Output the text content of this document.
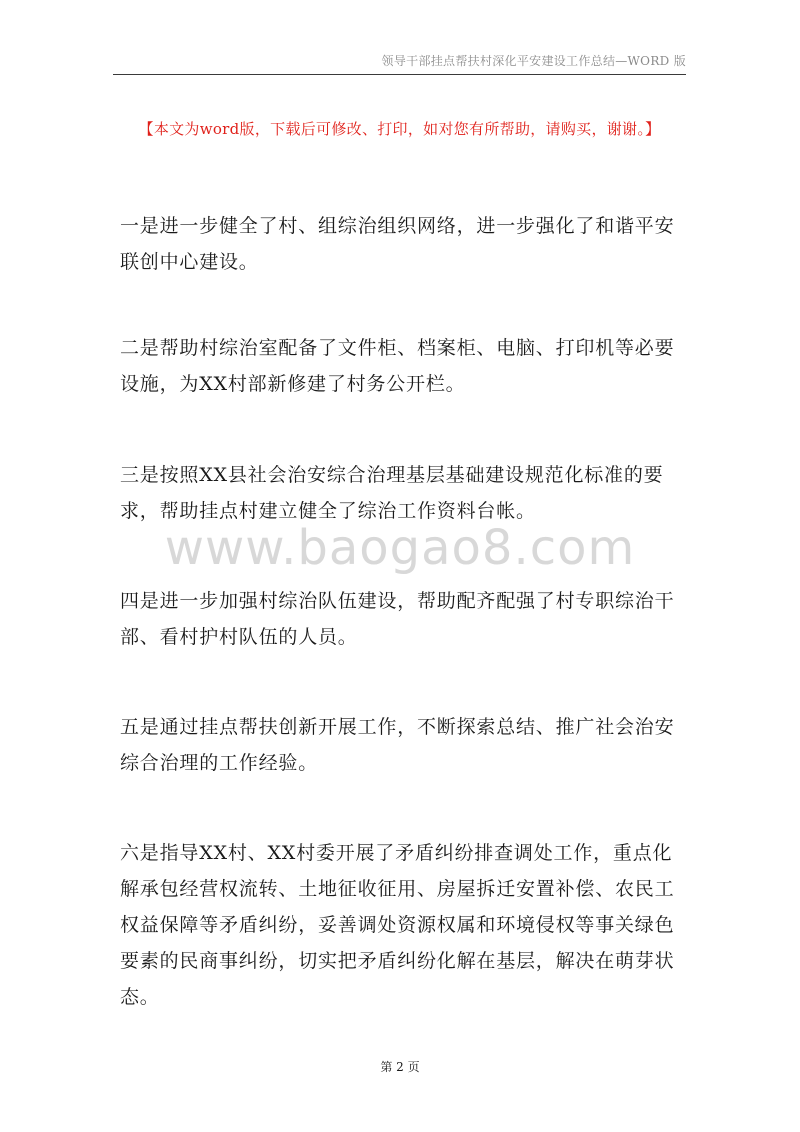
领导干部挂点帮扶村深化平安建设工作总结—WORD 版
【本文为word版，下载后可修改、打印，如对您有所帮助，请购买，谢谢。】

一是进一步健全了村、组综治组织网络，进一步强化了和谐平安联创中心建设。

二是帮助村综治室配备了文件柜、档案柜、电脑、打印机等必要设施，为XX村部新修建了村务公开栏。

三是按照XX县社会治安综合治理基层基础建设规范化标准的要求，帮助挂点村建立健全了综治工作资料台帐。

四是进一步加强村综治队伍建设，帮助配齐配强了村专职综治干部、看村护村队伍的人员。

五是通过挂点帮扶创新开展工作，不断探索总结、推广社会治安综合治理的工作经验。

六是指导XX村、XX村委开展了矛盾纠纷排查调处工作，重点化解承包经营权流转、土地征收征用、房屋拆迁安置补偿、农民工权益保障等矛盾纠纷，妥善调处资源权属和环境侵权等事关绿色要素的民商事纠纷，切实把矛盾纠纷化解在基层，解决在萌芽状态。

www.baogao8.com
第 2 页
